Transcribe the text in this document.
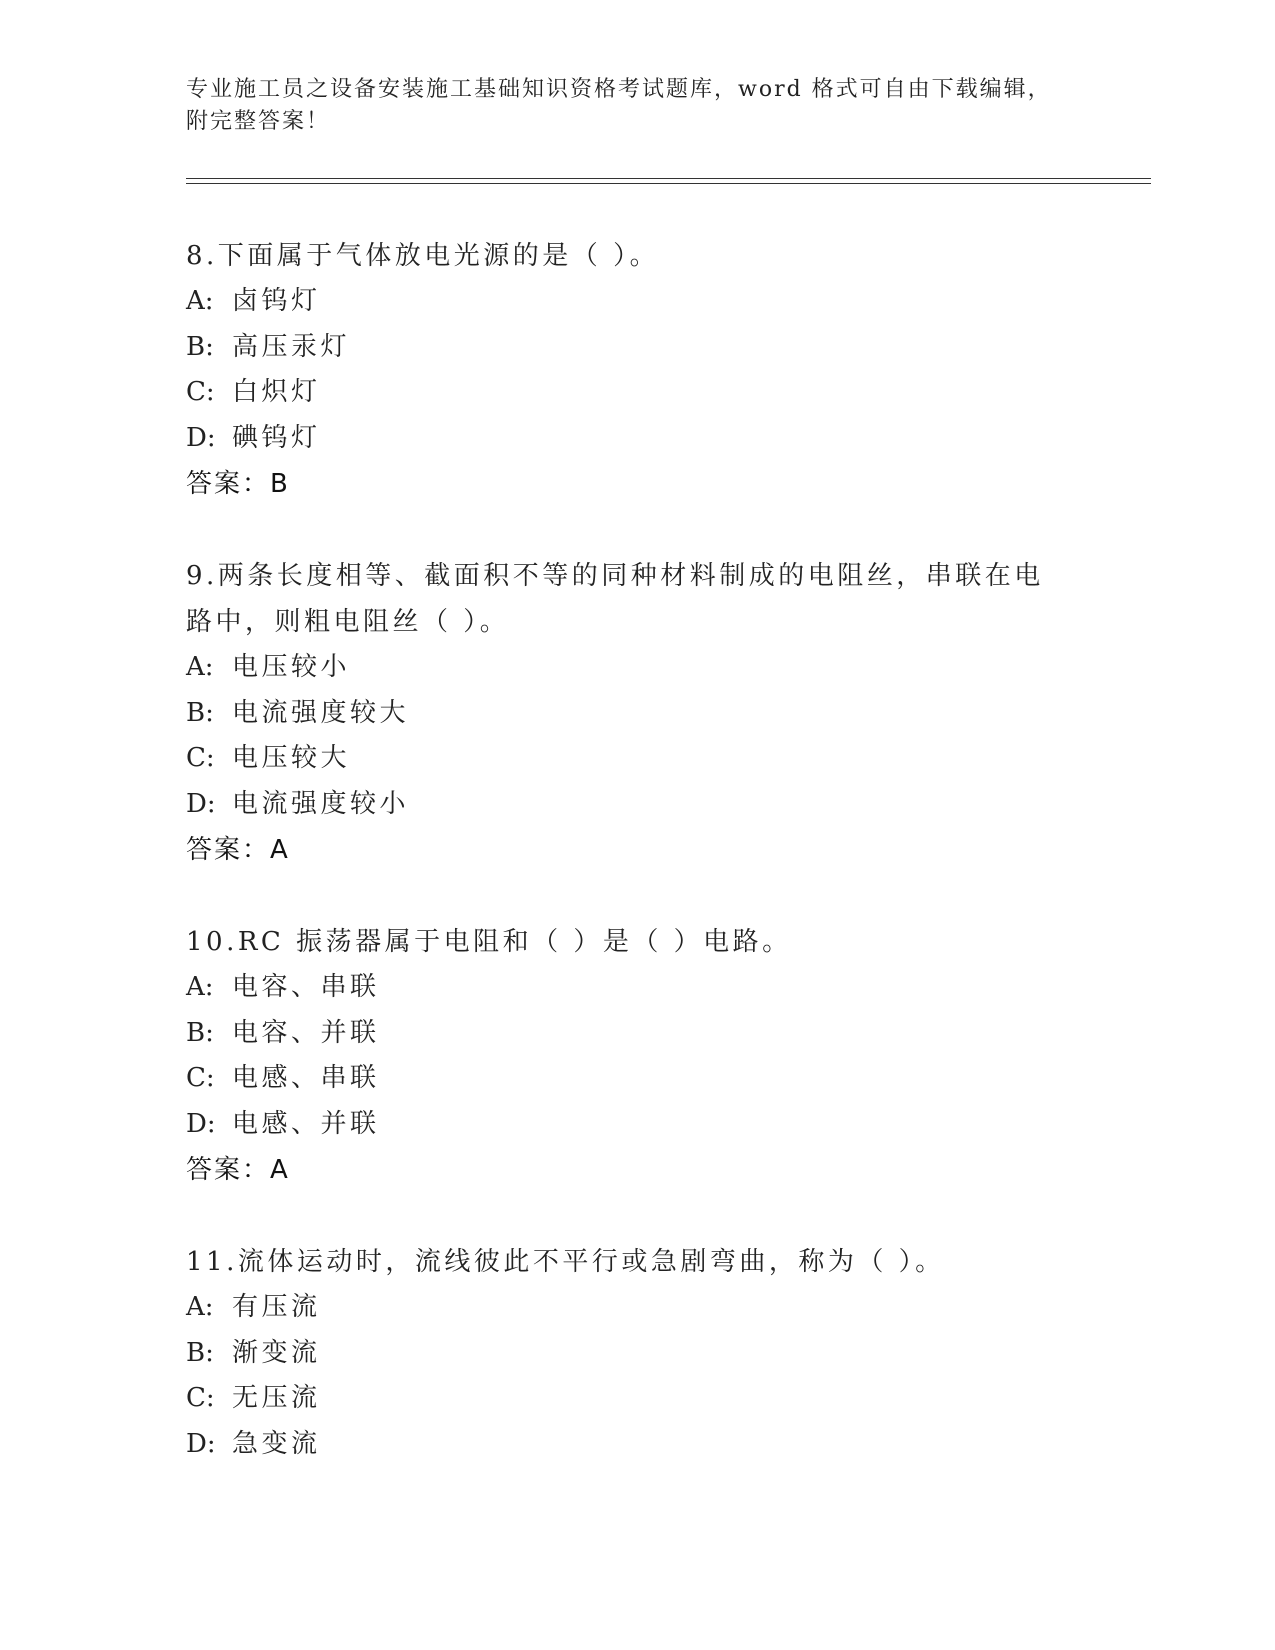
专业施工员之设备安装施工基础知识资格考试题库，word 格式可自由下载编辑，
附完整答案！
8.下面属于气体放电光源的是（ ）。
A: 卤钨灯
B: 高压汞灯
C: 白炽灯
D: 碘钨灯
答案：B
9.两条长度相等、截面积不等的同种材料制成的电阻丝，串联在电路中，则粗电阻丝（ ）。
A: 电压较小
B: 电流强度较大
C: 电压较大
D: 电流强度较小
答案：A
10.RC 振荡器属于电阻和（ ）是（ ）电路。
A: 电容、串联
B: 电容、并联
C: 电感、串联
D: 电感、并联
答案：A
11.流体运动时，流线彼此不平行或急剧弯曲，称为（ ）。
A: 有压流
B: 渐变流
C: 无压流
D: 急变流
